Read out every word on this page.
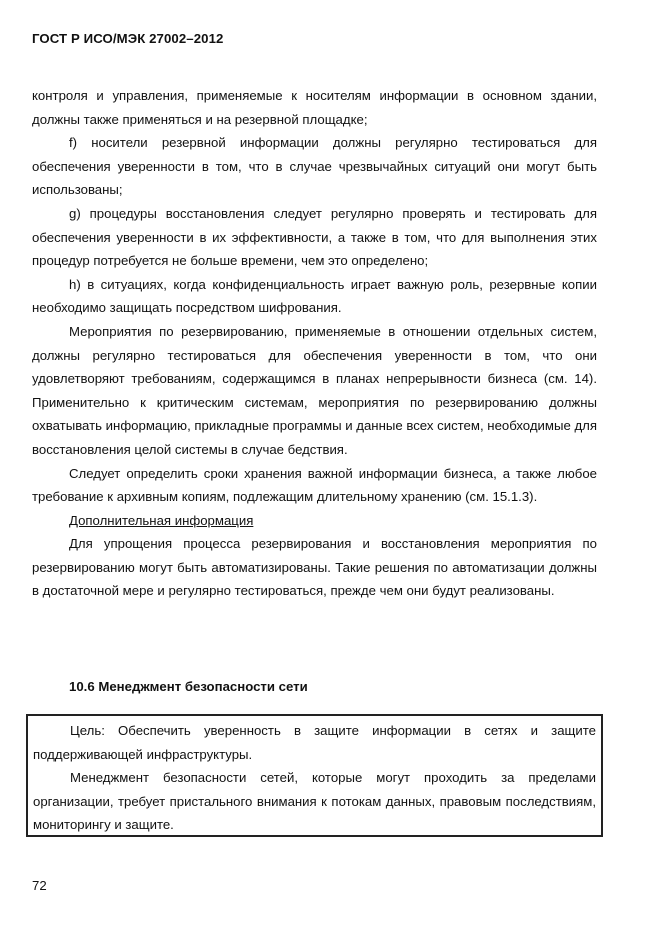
ГОСТ Р ИСО/МЭК 27002–2012

контроля и управления, применяемые к носителям информации в основном здании, должны также применяться и на резервной площадке;

f) носители резервной информации должны регулярно тестироваться для обеспечения уверенности в том, что в случае чрезвычайных ситуаций они могут быть использованы;

g) процедуры восстановления следует регулярно проверять и тестировать для обеспечения уверенности в их эффективности, а также в том, что для выполнения этих процедур потребуется не больше времени, чем это определено;

h) в ситуациях, когда конфиденциальность играет важную роль, резервные копии необходимо защищать посредством шифрования.

Мероприятия по резервированию, применяемые в отношении отдельных систем, должны регулярно тестироваться для обеспечения уверенности в том, что они удовлетворяют требованиям, содержащимся в планах непрерывности бизнеса (см. 14). Применительно к критическим системам, мероприятия по резервированию должны охватывать информацию, прикладные программы и данные всех систем, необходимые для восстановления целой системы в случае бедствия.

Следует определить сроки хранения важной информации бизнеса, а также любое требование к архивным копиям, подлежащим длительному хранению (см. 15.1.3).

Дополнительная информация

Для упрощения процесса резервирования и восстановления мероприятия по резервированию могут быть автоматизированы. Такие решения по автоматизации должны в достаточной мере и регулярно тестироваться, прежде чем они будут реализованы.

10.6 Менеджмент безопасности сети

Цель: Обеспечить уверенность в защите информации в сетях и защите поддерживающей инфраструктуры.

Менеджмент безопасности сетей, которые могут проходить за пределами организации, требует пристального внимания к потокам данных, правовым последствиям, мониторингу и защите.

72
